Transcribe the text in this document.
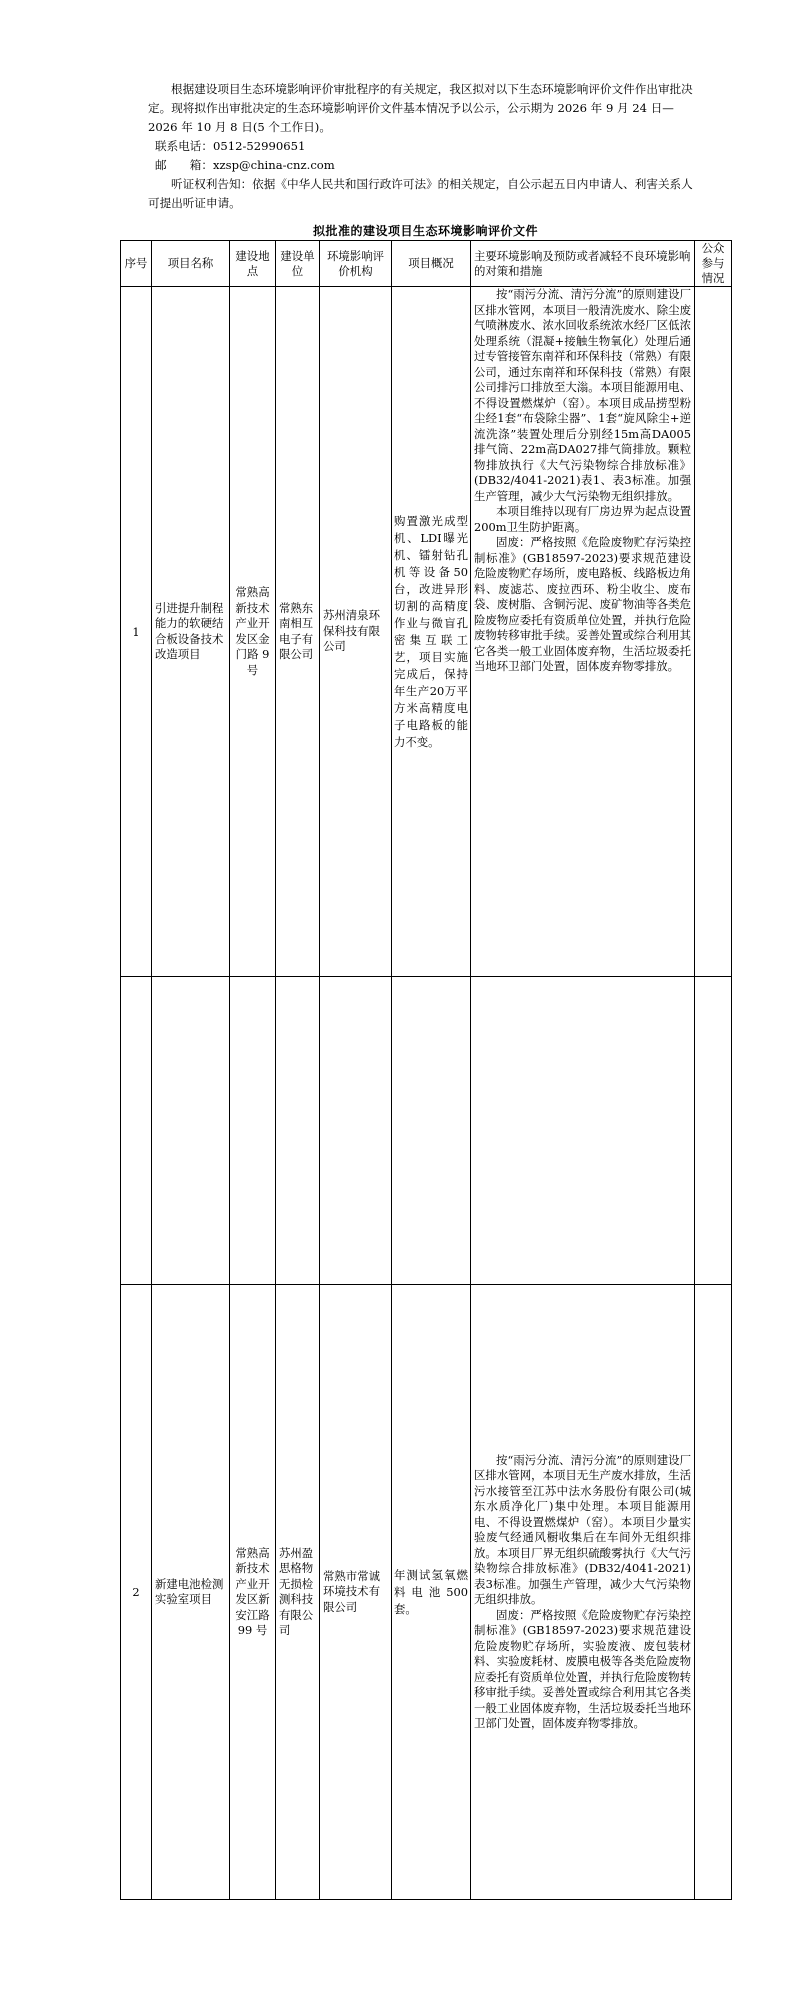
根据建设项目生态环境影响评价审批程序的有关规定，我区拟对以下生态环境影响评价文件作出审批决定。现将拟作出审批决定的生态环境影响评价文件基本情况予以公示，公示期为 2026 年 9 月 24 日—2026 年 10 月 8 日(5 个工作日)。

联系电话：0512-52990651

邮　　箱：xzsp@china-cnz.com

听证权利告知：依据《中华人民共和国行政许可法》的相关规定，自公示起五日内申请人、利害关系人可提出听证申请。

拟批准的建设项目生态环境影响评价文件
序号	项目名称	建设地点	建设单位	环境影响评价机构	项目概况	主要环境影响及预防或者减轻不良环境影响的对策和措施	公众参与情况
1	引进提升制程能力的软硬结合板设备技术改造项目	常熟高新技术产业开发区金门路 9 号	常熟东南相互电子有限公司	苏州清泉环保科技有限公司	购置激光成型机、LDI曝光机、镭射钻孔机等设备50台，改进异形切割的高精度作业与微盲孔密集互联工艺，项目实施完成后，保持年生产20万平方米高精度电子电路板的能力不变。	按“雨污分流、清污分流”的原则建设厂区排水管网，本项目一般清洗废水、除尘废气喷淋废水、浓水回收系统浓水经厂区低浓处理系统（混凝+接触生物氧化）处理后通过专管接管东南祥和环保科技（常熟）有限公司，通过东南祥和环保科技（常熟）有限公司排污口排放至大滃。本项目能源用电、不得设置燃煤炉（窑）。本项目成品捞型粉尘经1套“布袋除尘器”、1套“旋风除尘+逆流洗涤”装置处理后分别经15m高DA005排气筒、22m高DA027排气筒排放。颗粒物排放执行《大气污染物综合排放标准》(DB32/4041-2021)表1、表3标准。加强生产管理，减少大气污染物无组织排放。

本项目维持以现有厂房边界为起点设置200m卫生防护距离。

固废：严格按照《危险废物贮存污染控制标准》(GB18597-2023)要求规范建设危险废物贮存场所，废电路板、线路板边角料、废滤芯、废拉西环、粉尘收尘、废布袋、废树脂、含铜污泥、废矿物油等各类危险废物应委托有资质单位处置，并执行危险废物转移审批手续。妥善处置或综合利用其它各类一般工业固体废弃物，生活垃圾委托当地环卫部门处置，固体废弃物零排放。	

2	新建电池检测实验室项目	常熟高新技术产业开发区新安江路 99 号	苏州盈思格物无损检测科技有限公司	常熟市常诚环境技术有限公司	年测试氢氧燃料电池500套。	按“雨污分流、清污分流”的原则建设厂区排水管网，本项目无生产废水排放，生活污水接管至江苏中法水务股份有限公司(城东水质净化厂)集中处理。本项目能源用电、不得设置燃煤炉（窑）。本项目少量实验废气经通风橱收集后在车间外无组织排放。本项目厂界无组织硫酸雾执行《大气污染物综合排放标准》(DB32/4041-2021)表3标准。加强生产管理，减少大气污染物无组织排放。

固废：严格按照《危险废物贮存污染控制标准》(GB18597-2023)要求规范建设危险废物贮存场所，实验废液、废包装材料、实验废耗材、废膜电极等各类危险废物应委托有资质单位处置，并执行危险废物转移审批手续。妥善处置或综合利用其它各类一般工业固体废弃物，生活垃圾委托当地环卫部门处置，固体废弃物零排放。	
